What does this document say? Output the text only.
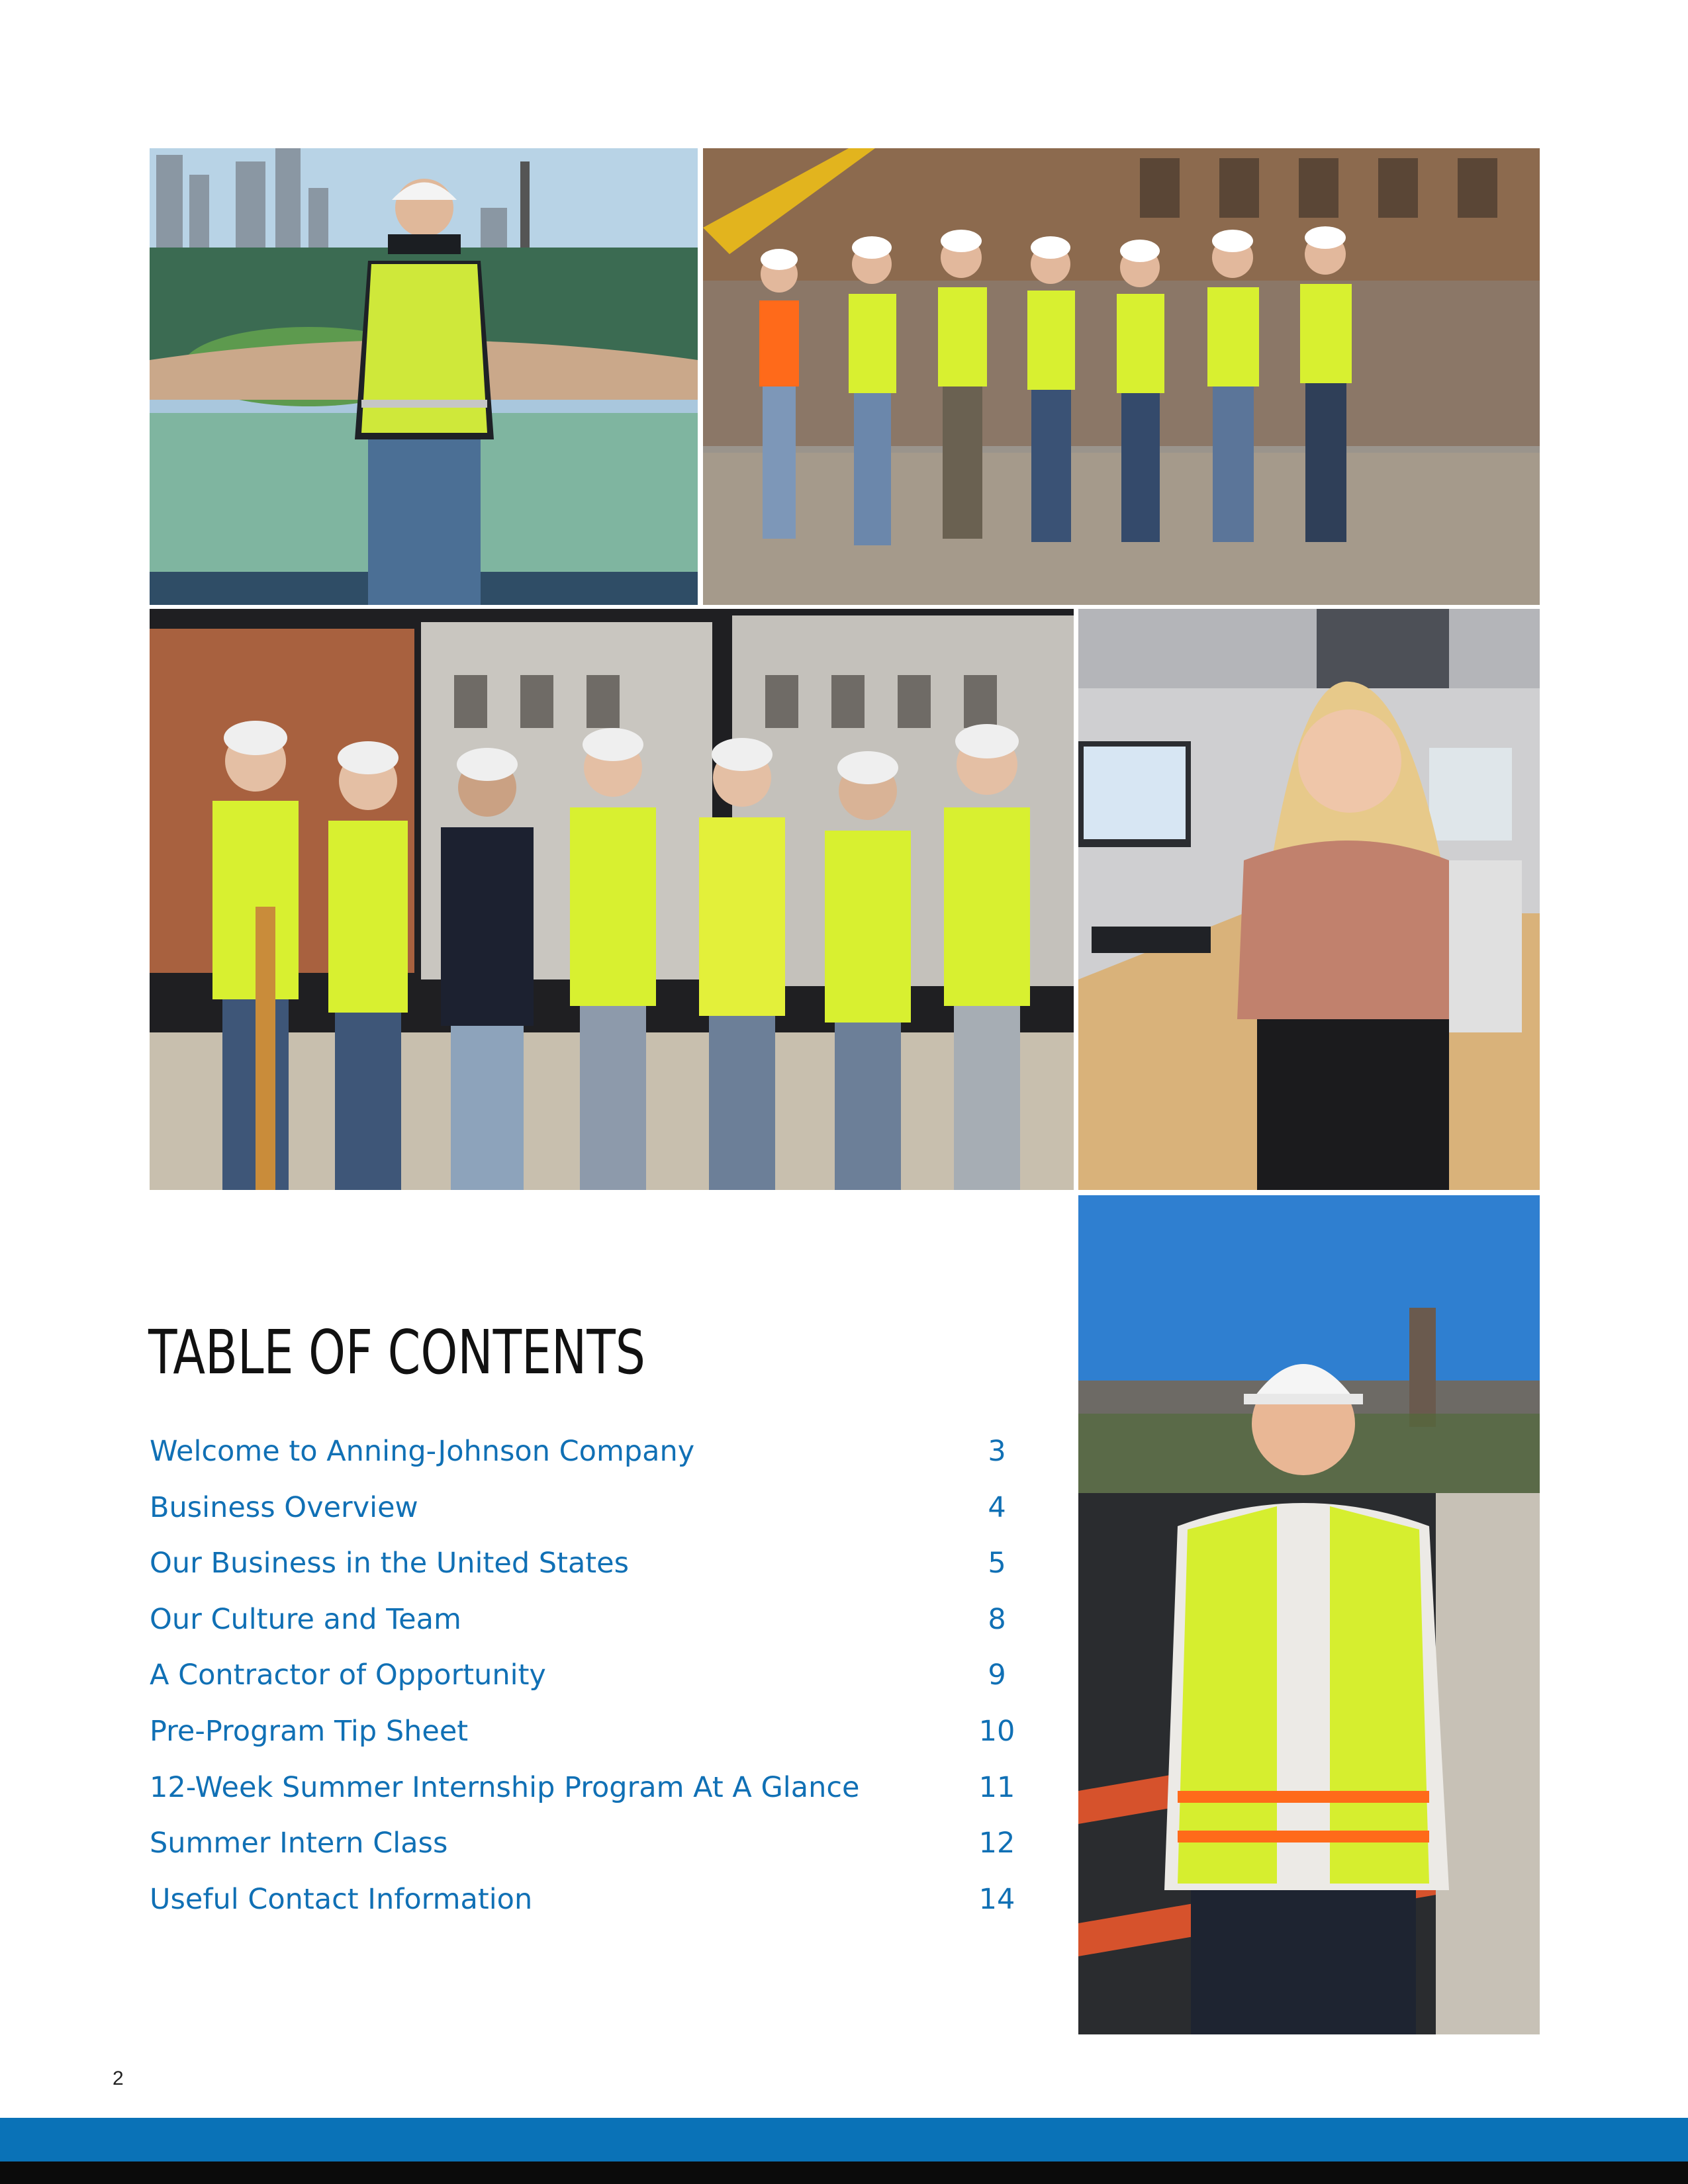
TABLE OF CONTENTS
Welcome to Anning-Johnson Company	3
Business Overview	4
Our Business in the United States	5
Our Culture and Team	8
A Contractor of Opportunity	9
Pre-Program Tip Sheet	10
12-Week Summer Internship Program At A Glance	11
Summer Intern Class	12
Useful Contact Information	14
2
